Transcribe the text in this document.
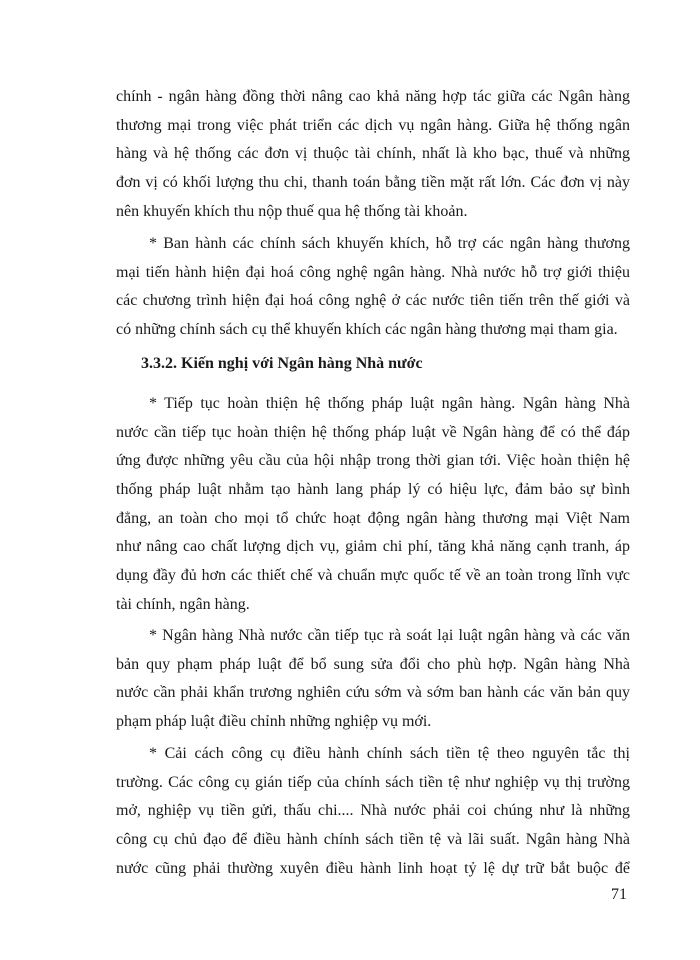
chính - ngân hàng đồng thời nâng cao khả năng hợp tác giữa các Ngân hàng
thương mại trong việc phát triển các dịch vụ ngân hàng. Giữa hệ thống ngân
hàng và hệ thống các đơn vị thuộc tài chính, nhất là kho bạc, thuế và những
đơn vị có khối lượng thu chi, thanh toán bằng tiền mặt rất lớn. Các đơn vị này
nên khuyến khích thu nộp thuế qua hệ thống tài khoản.
* Ban hành các chính sách khuyến khích, hỗ trợ các ngân hàng thương
mại tiến hành hiện đại hoá công nghệ ngân hàng. Nhà nước hỗ trợ giới thiệu
các chương trình hiện đại hoá công nghệ ở các nước tiên tiến trên thế giới và
có những chính sách cụ thể khuyến khích các ngân hàng thương mại tham gia.
3.3.2. Kiến nghị với Ngân hàng Nhà nước
* Tiếp tục hoàn thiện hệ thống pháp luật ngân hàng. Ngân hàng Nhà
nước cần tiếp tục hoàn thiện hệ thống pháp luật về Ngân hàng để có thể đáp
ứng được những yêu cầu của hội nhập trong thời gian tới. Việc hoàn thiện hệ
thống pháp luật nhằm tạo hành lang pháp lý có hiệu lực, đảm bảo sự bình
đẳng, an toàn cho mọi tổ chức hoạt động ngân hàng thương mại Việt Nam
như nâng cao chất lượng dịch vụ, giảm chi phí, tăng khả năng cạnh tranh, áp
dụng đầy đủ hơn các thiết chế và chuẩn mực quốc tế về an toàn trong lĩnh vực
tài chính, ngân hàng.
* Ngân hàng Nhà nước cần tiếp tục rà soát lại luật ngân hàng và các văn
bản quy phạm pháp luật để bổ sung sửa đổi cho phù hợp. Ngân hàng Nhà
nước cần phải khẩn trương nghiên cứu sớm và sớm ban hành các văn bản quy
phạm pháp luật điều chỉnh những nghiệp vụ mới.
* Cải cách công cụ điều hành chính sách tiền tệ theo nguyên tắc thị
trường. Các công cụ gián tiếp của chính sách tiền tệ như nghiệp vụ thị trường
mở, nghiệp vụ tiền gửi, thấu chi.... Nhà nước phải coi chúng như là những
công cụ chủ đạo để điều hành chính sách tiền tệ và lãi suất. Ngân hàng Nhà
nước cũng phải thường xuyên điều hành linh hoạt tỷ lệ dự trữ bắt buộc để
71
